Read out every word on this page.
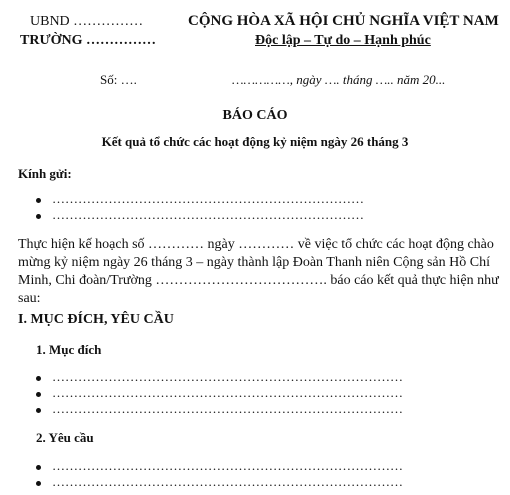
UBND ……………
TRƯỜNG ……………
CỘNG HÒA XÃ HỘI CHỦ NGHĨA VIỆT NAM
Độc lập – Tự do – Hạnh phúc
Số: ….	……………, ngày …. tháng ….. năm 20...
BÁO CÁO
Kết quả tổ chức các hoạt động kỷ niệm ngày 26 tháng 3
Kính gửi:
………………………………………………………………
………………………………………………………………
Thực hiện kế hoạch số ………… ngày ………… về việc tổ chức các hoạt động chào
mừng kỷ niệm ngày 26 tháng 3 – ngày thành lập Đoàn Thanh niên Cộng sản Hồ Chí
Minh, Chi đoàn/Trường ………………………………. báo cáo kết quả thực hiện như
sau:
I. MỤC ĐÍCH, YÊU CẦU
1. Mục đích
………………………………………………………………………
………………………………………………………………………
………………………………………………………………………
2. Yêu cầu
………………………………………………………………………
………………………………………………………………………
